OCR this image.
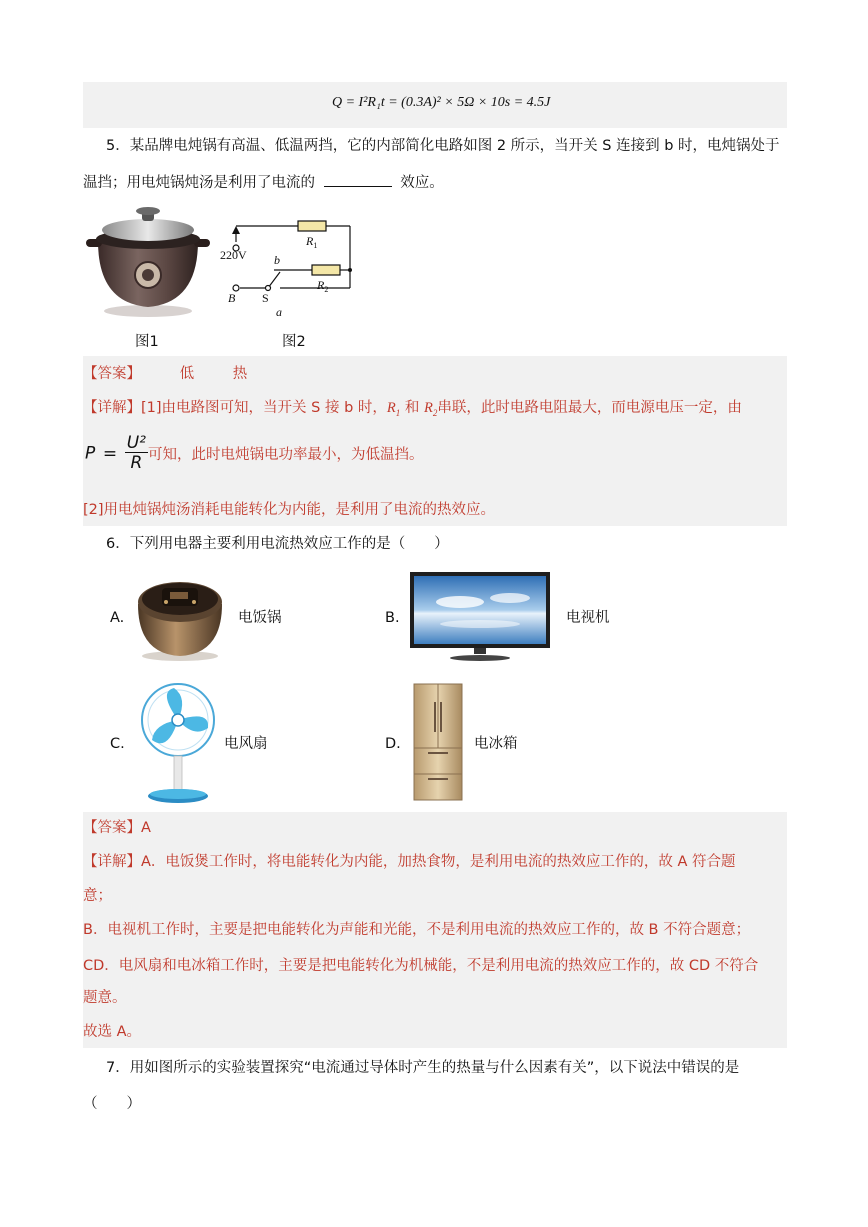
Q = I²R₁t = (0.3A)² × 5Ω × 10s = 4.5J
5．某品牌电炖锅有高温、低温两挡，它的内部简化电路如图 2 所示，当开关 S 连接到 b 时，电炖锅处于
温挡；用电炖锅炖汤是利用了电流的	效应。
图1
$R_1$
$R_2$
220V
B S
b
a
图2
【答案】	低	热
【详解】[1]由电路图可知，当开关 S 接 b 时，$R_1$ 和 $R_2$串联，此时电路电阻最大，而电源电压一定，由
$P = \frac{\text{U²}}{R}$ 可知，此时电炖锅电功率最小，为低温挡。
[2]用电炖锅炖汤消耗电能转化为内能，是利用了电流的热效应。
6．下列用电器主要利用电流热效应工作的是（　　）
A.	电饭锅	B.	电视机
C.	电风扇	D.	电冰箱
【答案】A
【详解】A．电饭煲工作时，将电能转化为内能，加热食物，是利用电流的热效应工作的，故 A 符合题
意；
B．电视机工作时，主要是把电能转化为声能和光能，不是利用电流的热效应工作的，故 B 不符合题意；
CD．电风扇和电冰箱工作时，主要是把电能转化为机械能，不是利用电流的热效应工作的，故 CD 不符合
题意。
故选 A。
7．用如图所示的实验装置探究“电流通过导体时产生的热量与什么因素有关”，以下说法中错误的是
（　　）
